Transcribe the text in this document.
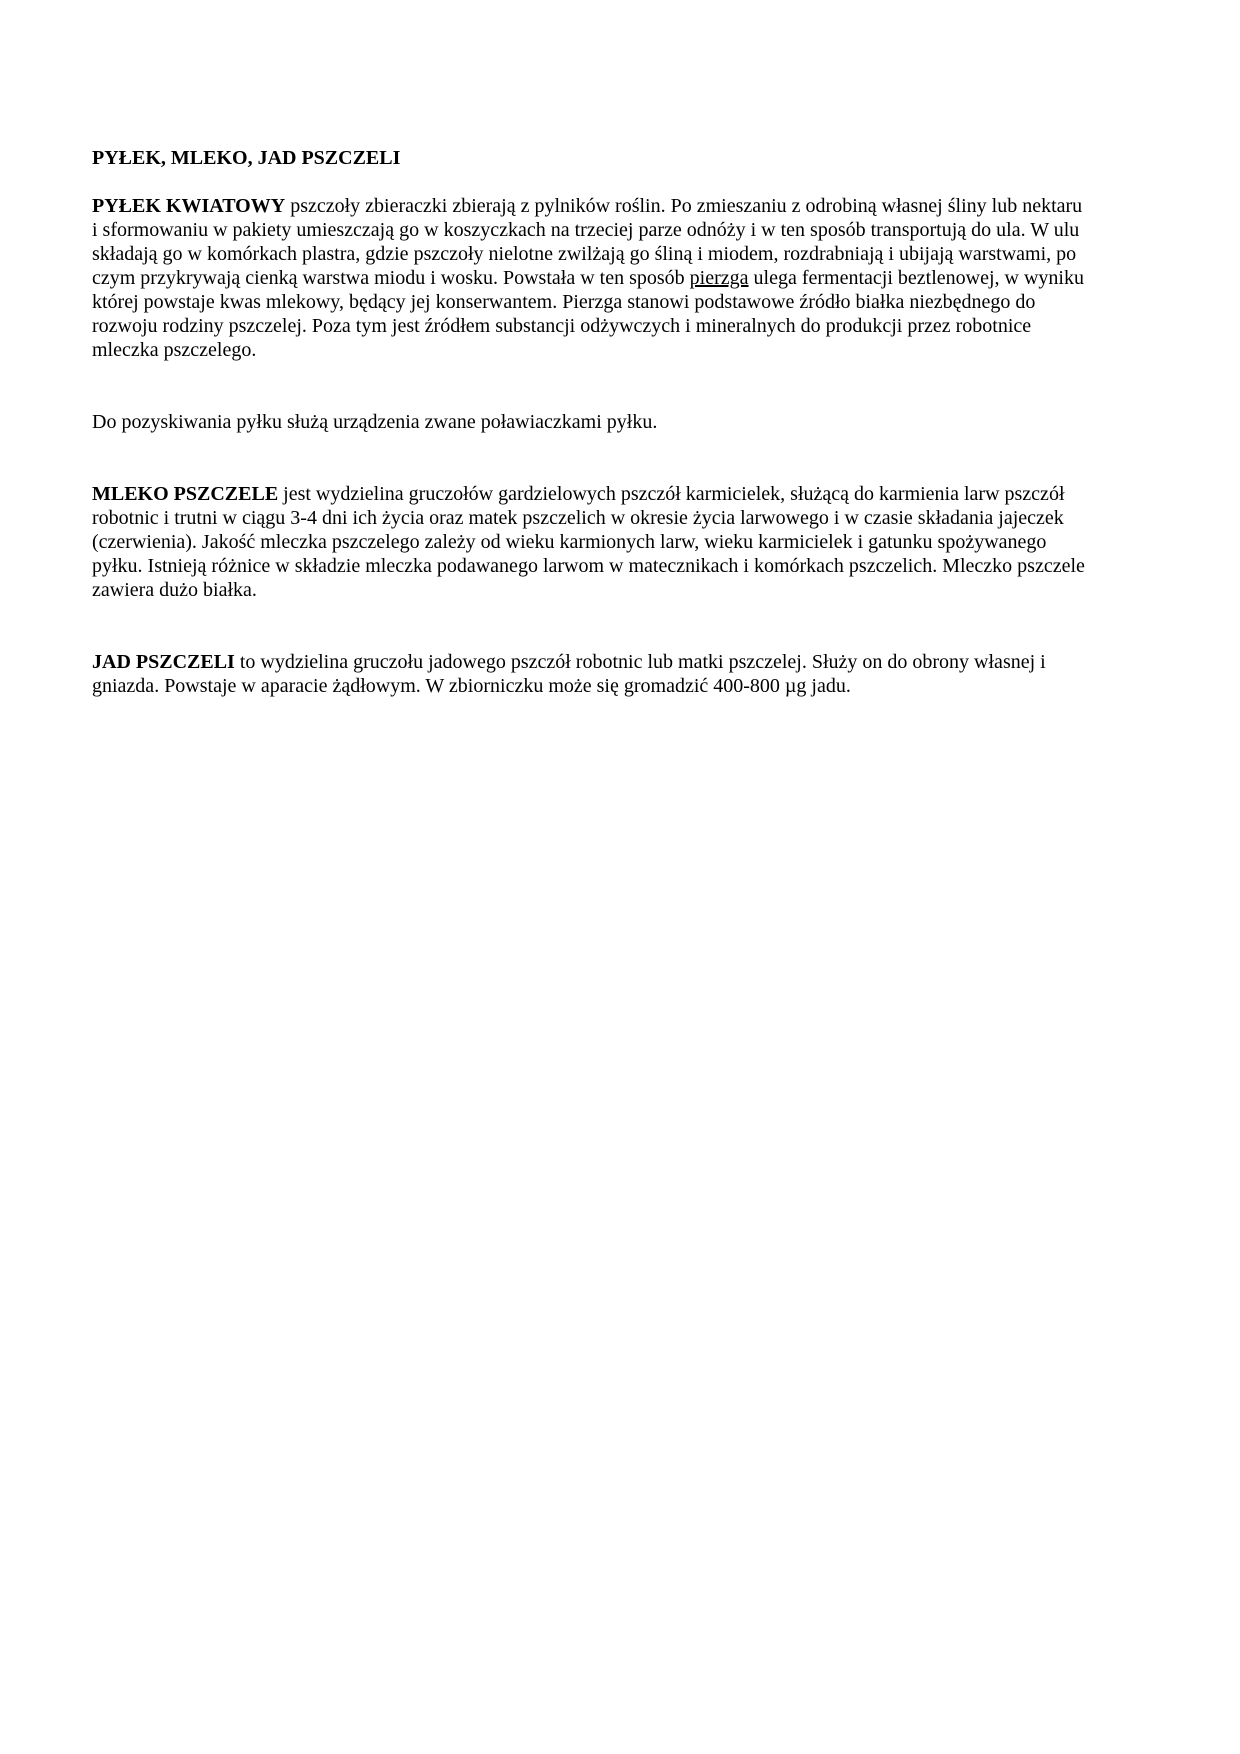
PYŁEK, MLEKO, JAD PSZCZELI

PYŁEK KWIATOWY pszczoły zbieraczki zbierają z pylników roślin. Po zmieszaniu z odrobiną własnej śliny lub nektaru i sformowaniu w pakiety umieszczają go w koszyczkach na trzeciej parze odnóży i w ten sposób transportują do ula. W ulu składają go w komórkach plastra, gdzie pszczoły nielotne zwilżają go śliną i miodem, rozdrabniają i ubijają warstwami, po czym przykrywają cienką warstwa miodu i wosku. Powstała w ten sposób pierzga ulega fermentacji beztlenowej, w wyniku której powstaje kwas mlekowy, będący jej konserwantem. Pierzga stanowi podstawowe źródło białka niezbędnego do rozwoju rodziny pszczelej. Poza tym jest źródłem substancji odżywczych i mineralnych do produkcji przez robotnice mleczka pszczelego.

Do pozyskiwania pyłku służą urządzenia zwane poławiaczkami pyłku.

MLEKO PSZCZELE jest wydzielina gruczołów gardzielowych pszczół karmicielek, służącą do karmienia larw pszczół robotnic i trutni w ciągu 3-4 dni ich życia oraz matek pszczelich w okresie życia larwowego i w czasie składania jajeczek (czerwienia). Jakość mleczka pszczelego zależy od wieku karmionych larw, wieku karmicielek i gatunku spożywanego pyłku. Istnieją różnice w składzie mleczka podawanego larwom w matecznikach i komórkach pszczelich. Mleczko pszczele zawiera dużo białka.

JAD PSZCZELI to wydzielina gruczołu jadowego pszczół robotnic lub matki pszczelej. Służy on do obrony własnej i gniazda. Powstaje w aparacie żądłowym. W zbiorniczku może się gromadzić 400-800 µg jadu.
